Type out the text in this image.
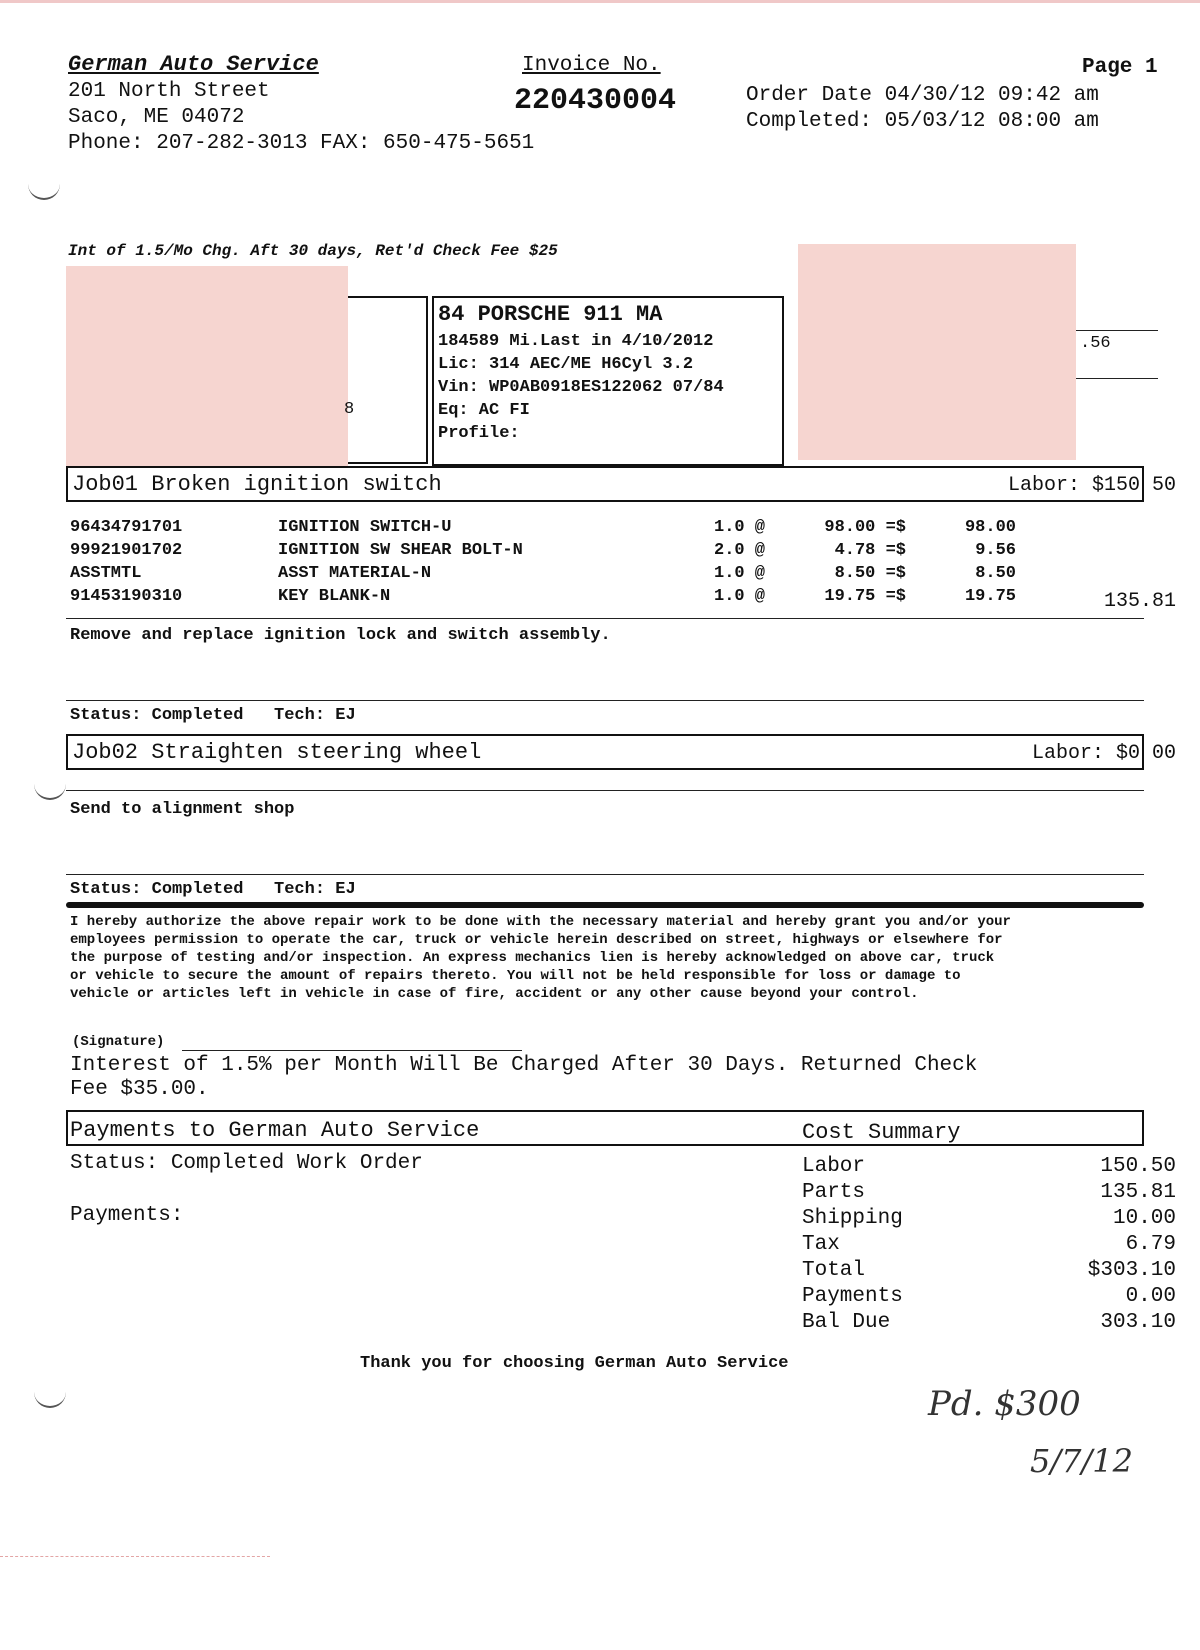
German Auto Service
201 North Street
Saco, ME 04072
Phone: 207-282-3013 FAX: 650-475-5651
Invoice No.
220430004
Page 1
Order Date 04/30/12 09:42 am
Completed: 05/03/12 08:00 am
Int of 1.5/Mo Chg. Aft 30 days, Ret'd Check Fee $25
8
84 PORSCHE 911 MA
184589 Mi.Last in 4/10/2012
Lic: 314 AEC/ME H6Cyl 3.2
Vin: WP0AB0918ES122062 07/84
Eq: AC FI
Profile:
.56
Job01 Broken ignition switch	Labor: $150 50
96434791701	IGNITION SWITCH-U	1.0 @	98.00 =$	98.00
99921901702	IGNITION SW SHEAR BOLT-N	2.0 @	4.78 =$	9.56
ASSTMTL	ASST MATERIAL-N	1.0 @	8.50 =$	8.50
91453190310	KEY BLANK-N	1.0 @	19.75 =$	19.75	135.81
Remove and replace ignition lock and switch assembly.
Status: Completed   Tech: EJ
Job02 Straighten steering wheel	Labor: $0 00
Send to alignment shop
Status: Completed   Tech: EJ
I hereby authorize the above repair work to be done with the necessary material and hereby grant you and/or your
employees permission to operate the car, truck or vehicle herein described on street, highways or elsewhere for
the purpose of testing and/or inspection. An express mechanics lien is hereby acknowledged on above car, truck
or vehicle to secure the amount of repairs thereto. You will not be held responsible for loss or damage to
vehicle or articles left in vehicle in case of fire, accident or any other cause beyond your control.
(Signature)
Interest of 1.5% per Month Will Be Charged After 30 Days. Returned Check
Fee $35.00.
Payments to German Auto Service	Cost Summary
Status: Completed Work Order
Payments:
Labor	150.50
Parts	135.81
Shipping	10.00
Tax	6.79
Total	$303.10
Payments	0.00
Bal Due	303.10
Thank you for choosing German Auto Service
Pd. $300
5/7/12
